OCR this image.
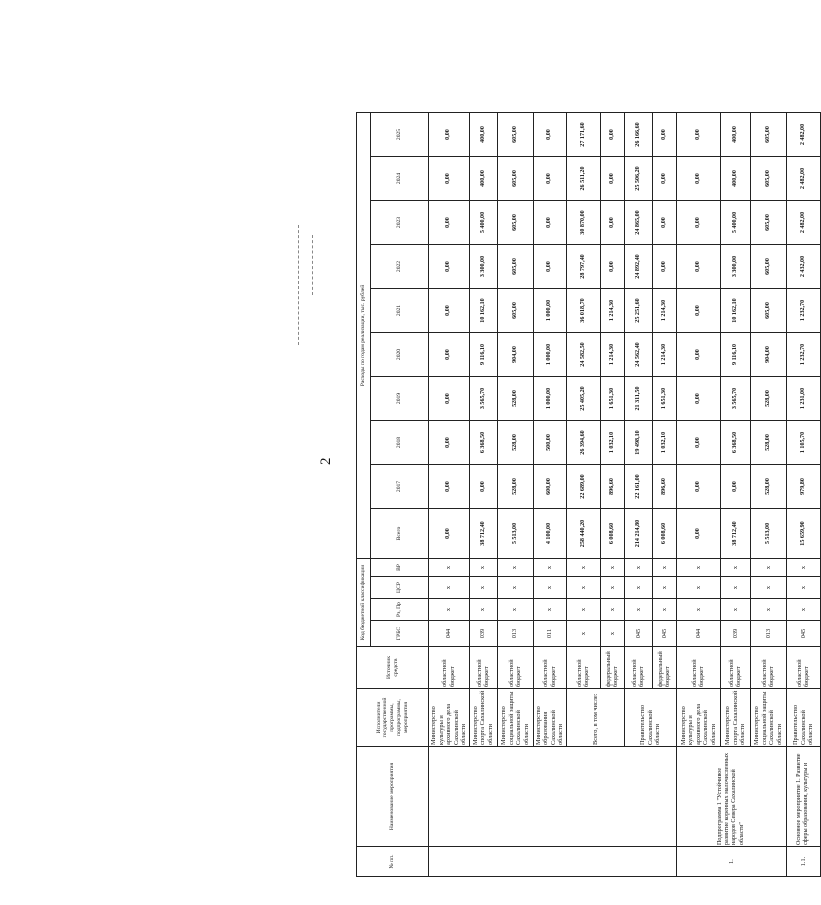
2
№ пп.	Наименование мероприятия	Исполнители государственной программы, подпрограммы, мероприятия	Источник средств	Код бюджетной классификации				Расходы по годам реализации, тыс. рублей									
				ГРБС	Рз, Пр	ЦСР	ВР	Всего	2017	2018	2019	2020	2021	2022	2023	2024	2025
		Министерство культуры и архивного дела Сахалинской области	областной бюджет	044	х	х	х	0,00	0,00	0,00	0,00	0,00	0,00	0,00	0,00	0,00	0,00
		Министерство спорта Сахалинской области	областной бюджет	039	х	х	х	38 712,40	0,00	6 368,50	3 565,70	9 116,10	10 162,10	3 300,00	5 400,00	400,00	400,00
		Министерство социальной защиты Сахалинской области	областной бюджет	013	х	х	х	5 513,00	528,00	528,00	528,00	904,00	605,00	605,00	605,00	605,00	605,00
		Министерство образования Сахалинской области	областной бюджет	011	х	х	х	4 100,00	600,00	500,00	1 000,00	1 000,00	1 000,00	0,00	0,00	0,00	0,00
		Всего, в том числе:	областной бюджет	х	х	х	х	258 440,20	22 689,00	26 394,60	25 405,20	24 582,50	36 018,70	28 797,40	30 870,00	26 511,20	27 171,60
			федеральный бюджет	х	х	х	х	6 008,60	896,60	1 032,10	1 651,30	1 214,30	1 214,30	0,00	0,00	0,00	0,00
		Правительство Сахалинской области	областной бюджет	045	х	х	х	214 214,80	22 161,00	19 498,10	21 311,50	24 562,40	25 251,60	24 892,40	24 865,00	25 506,20	26 166,60
			федеральный бюджет	045	х	х	х	6 008,60	896,60	1 032,10	1 651,30	1 214,30	1 214,30	0,00	0,00	0,00	0,00
1.	Подпрограмма 1 "Устойчивое развитие коренных малочисленных народов Севера Сахалинской области"	Министерство культуры и архивного дела Сахалинской области	областной бюджет	044	х	х	х	0,00	0,00	0,00	0,00	0,00	0,00	0,00	0,00	0,00	0,00
		Министерство спорта Сахалинской области	областной бюджет	039	х	х	х	38 712,40	0,00	6 368,50	3 565,70	9 116,10	10 162,10	3 300,00	5 400,00	400,00	400,00
		Министерство социальной защиты Сахалинской области	областной бюджет	013	х	х	х	5 513,00	528,00	528,00	528,00	904,00	605,00	605,00	605,00	605,00	605,00
1.1.	Основное мероприятие 1. Развитие сферы образования, культуры и	Правительство Сахалинской области	областной бюджет	045	х	х	х	15 659,90	979,80	1 105,70	1 231,00	1 232,70	1 232,70	2 432,00	2 482,00	2 482,00	2 482,00
